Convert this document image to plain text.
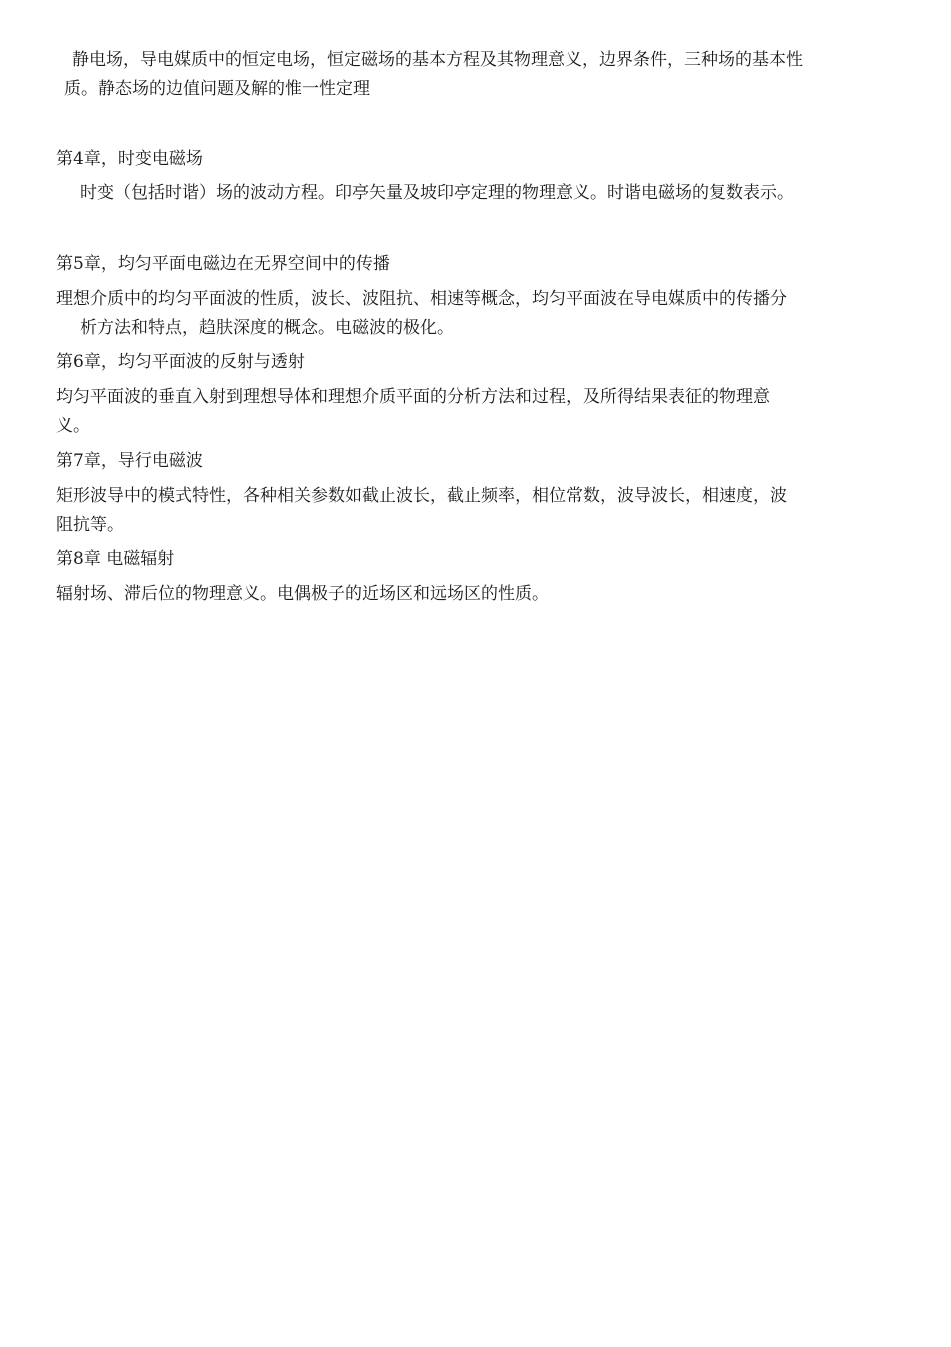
静电场，导电媒质中的恒定电场，恒定磁场的基本方程及其物理意义，边界条件，三种场的基本性
质。静态场的边值问题及解的惟一性定理
第4章，时变电磁场
时变（包括时谐）场的波动方程。印亭矢量及坡印亭定理的物理意义。时谐电磁场的复数表示。
第5章，均匀平面电磁边在无界空间中的传播
理想介质中的均匀平面波的性质，波长、波阻抗、相速等概念，均匀平面波在导电媒质中的传播分
析方法和特点，趋肤深度的概念。电磁波的极化。
第6章，均匀平面波的反射与透射
均匀平面波的垂直入射到理想导体和理想介质平面的分析方法和过程，及所得结果表征的物理意
义。
第7章，导行电磁波
矩形波导中的模式特性，各种相关参数如截止波长，截止频率，相位常数，波导波长，相速度，波
阻抗等。
第8章 电磁辐射
辐射场、滞后位的物理意义。电偶极子的近场区和远场区的性质。
